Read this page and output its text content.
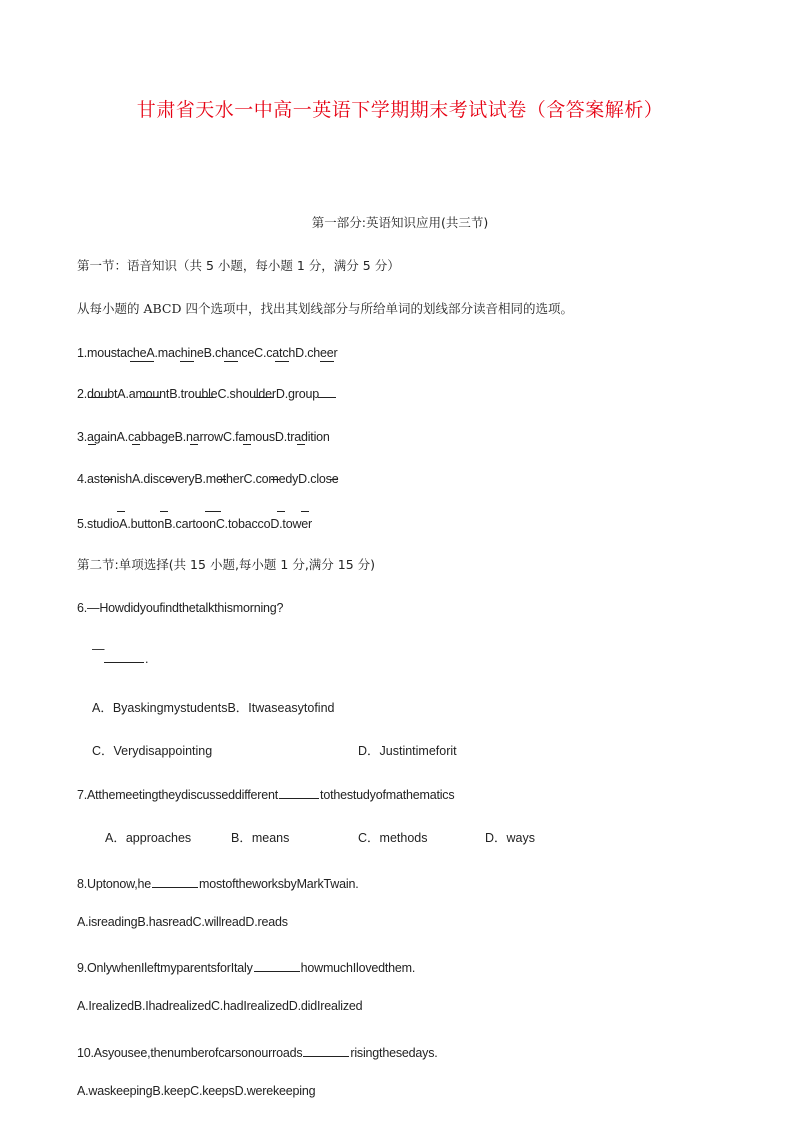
甘肃省天水一中高一英语下学期期末考试试卷（含答案解析）
第一部分:英语知识应用(共三节)
第一节：语音知识（共 5 小题，每小题 1 分，满分 5 分）
从每小题的 ABCD 四个选项中，找出其划线部分与所给单词的划线部分读音相同的选项。
1.moustacheA.machineB.chanceC.catchD.cheer
2.doubtA.amountB.troubleC.shoulderD.group
3.againA.cabbageB.narrowC.famousD.tradition
4.astonishA.discoveryB.motherC.comedyD.close
5.studioA.buttonB.cartoonC.tobaccoD.tower
第二节:单项选择(共 15 小题,每小题 1 分,满分 15 分)
6.—Howdidyoufindthetalkthismorning?
—
.
A．ByaskingmystudentsB．Itwaseasytofind
C．Verydisappointing	D．Justintimeforit
7.Atthemeetingtheydiscusseddifferent	tothestudyofmathematics
A．approaches	B．means	C．methods	D．ways
8.Uptonow,he	mostoftheworksbyMarkTwain.
A.isreadingB.hasreadC.willreadD.reads
9.OnlywhenIleftmyparentsforItaly	howmuchIlovedthem.
A.IrealizedB.IhadrealizedC.hadIrealizedD.didIrealized
10.Asyousee,thenumberofcarsonourroads	risingthesedays.
A.waskeepingB.keepC.keepsD.werekeeping
